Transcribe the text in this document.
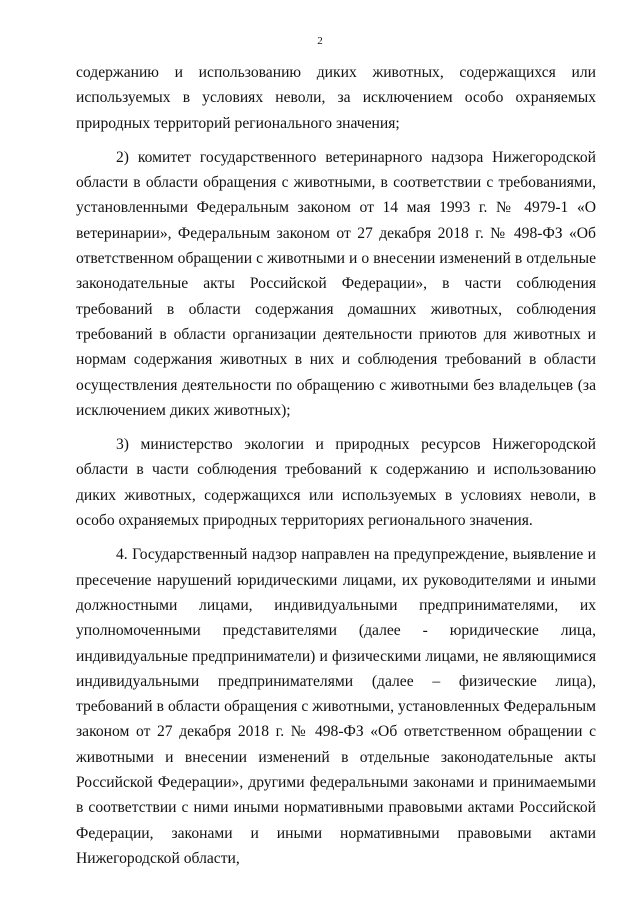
2

содержанию и использованию диких животных, содержащихся или используемых в условиях неволи, за исключением особо охраняемых природных территорий регионального значения;

2) комитет государственного ветеринарного надзора Нижегородской области в области обращения с животными, в соответствии с требованиями, установленными Федеральным законом от 14 мая 1993 г. № 4979-1 «О ветеринарии», Федеральным законом от 27 декабря 2018 г. № 498-ФЗ «Об ответственном обращении с животными и о внесении изменений в отдельные законодательные акты Российской Федерации», в части соблюдения требований в области содержания домашних животных, соблюдения требований в области организации деятельности приютов для животных и нормам содержания животных в них и соблюдения требований в области осуществления деятельности по обращению с животными без владельцев (за исключением диких животных);

3) министерство экологии и природных ресурсов Нижегородской области в части соблюдения требований к содержанию и использованию диких животных, содержащихся или используемых в условиях неволи, в особо охраняемых природных территориях регионального значения.

4. Государственный надзор направлен на предупреждение, выявление и пресечение нарушений юридическими лицами, их руководителями и иными должностными лицами, индивидуальными предпринимателями, их уполномоченными представителями (далее - юридические лица, индивидуальные предприниматели) и физическими лицами, не являющимися индивидуальными предпринимателями (далее – физические лица), требований в области обращения с животными, установленных Федеральным законом от 27 декабря 2018 г. № 498-ФЗ «Об ответственном обращении с животными и внесении изменений в отдельные законодательные акты Российской Федерации», другими федеральными законами и принимаемыми в соответствии с ними иными нормативными правовыми актами Российской Федерации, законами и иными нормативными правовыми актами Нижегородской области,
